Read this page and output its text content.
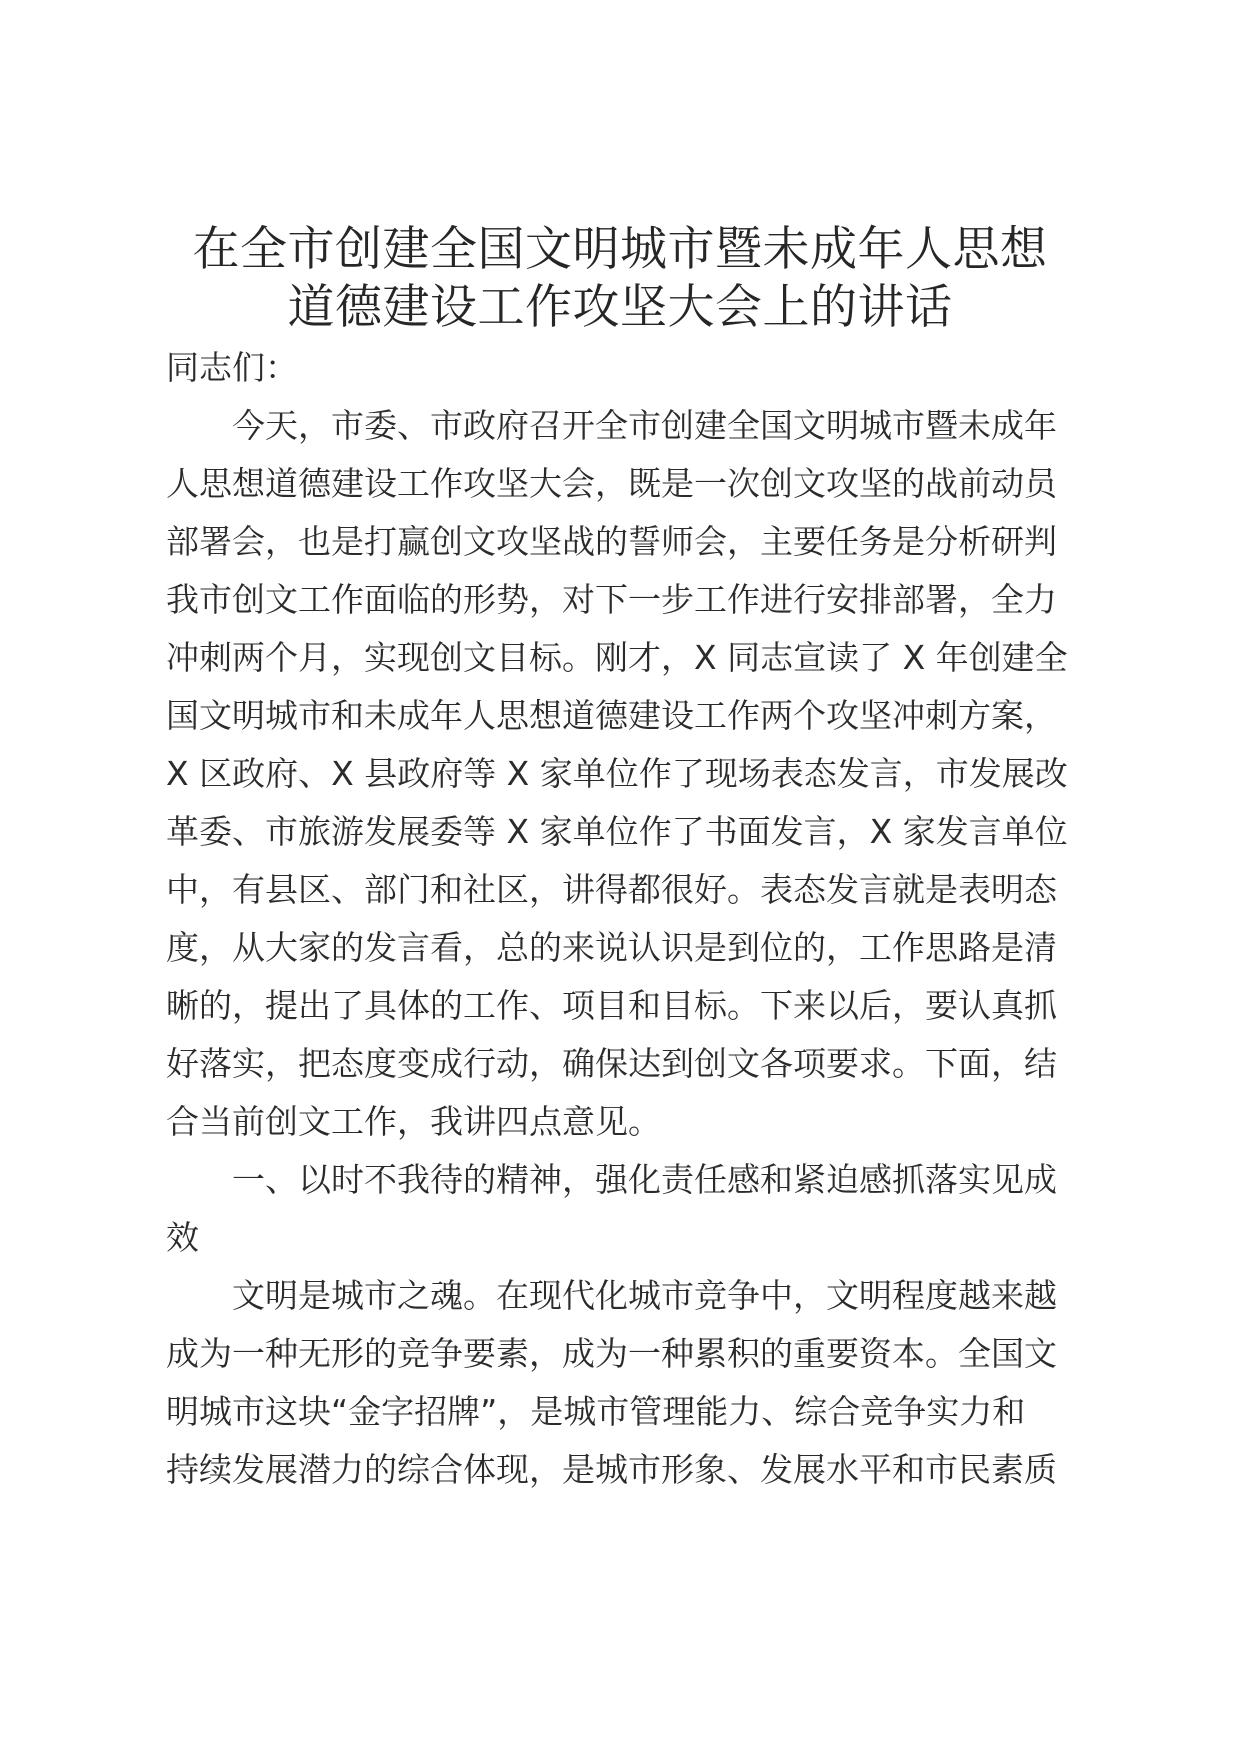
在全市创建全国文明城市暨未成年人思想
道德建设工作攻坚大会上的讲话
同志们：
今天，市委、市政府召开全市创建全国文明城市暨未成年
人思想道德建设工作攻坚大会，既是一次创文攻坚的战前动员
部署会，也是打赢创文攻坚战的誓师会，主要任务是分析研判
我市创文工作面临的形势，对下一步工作进行安排部署，全力
冲刺两个月，实现创文目标。刚才，X 同志宣读了 X 年创建全
国文明城市和未成年人思想道德建设工作两个攻坚冲刺方案，
X 区政府、X 县政府等 X 家单位作了现场表态发言，市发展改
革委、市旅游发展委等 X 家单位作了书面发言，X 家发言单位
中，有县区、部门和社区，讲得都很好。表态发言就是表明态
度，从大家的发言看，总的来说认识是到位的，工作思路是清
晰的，提出了具体的工作、项目和目标。下来以后，要认真抓
好落实，把态度变成行动，确保达到创文各项要求。下面，结
合当前创文工作，我讲四点意见。
一、以时不我待的精神，强化责任感和紧迫感抓落实见成
效
文明是城市之魂。在现代化城市竞争中，文明程度越来越
成为一种无形的竞争要素，成为一种累积的重要资本。全国文
明城市这块“金字招牌”，是城市管理能力、综合竞争实力和
持续发展潜力的综合体现，是城市形象、发展水平和市民素质
